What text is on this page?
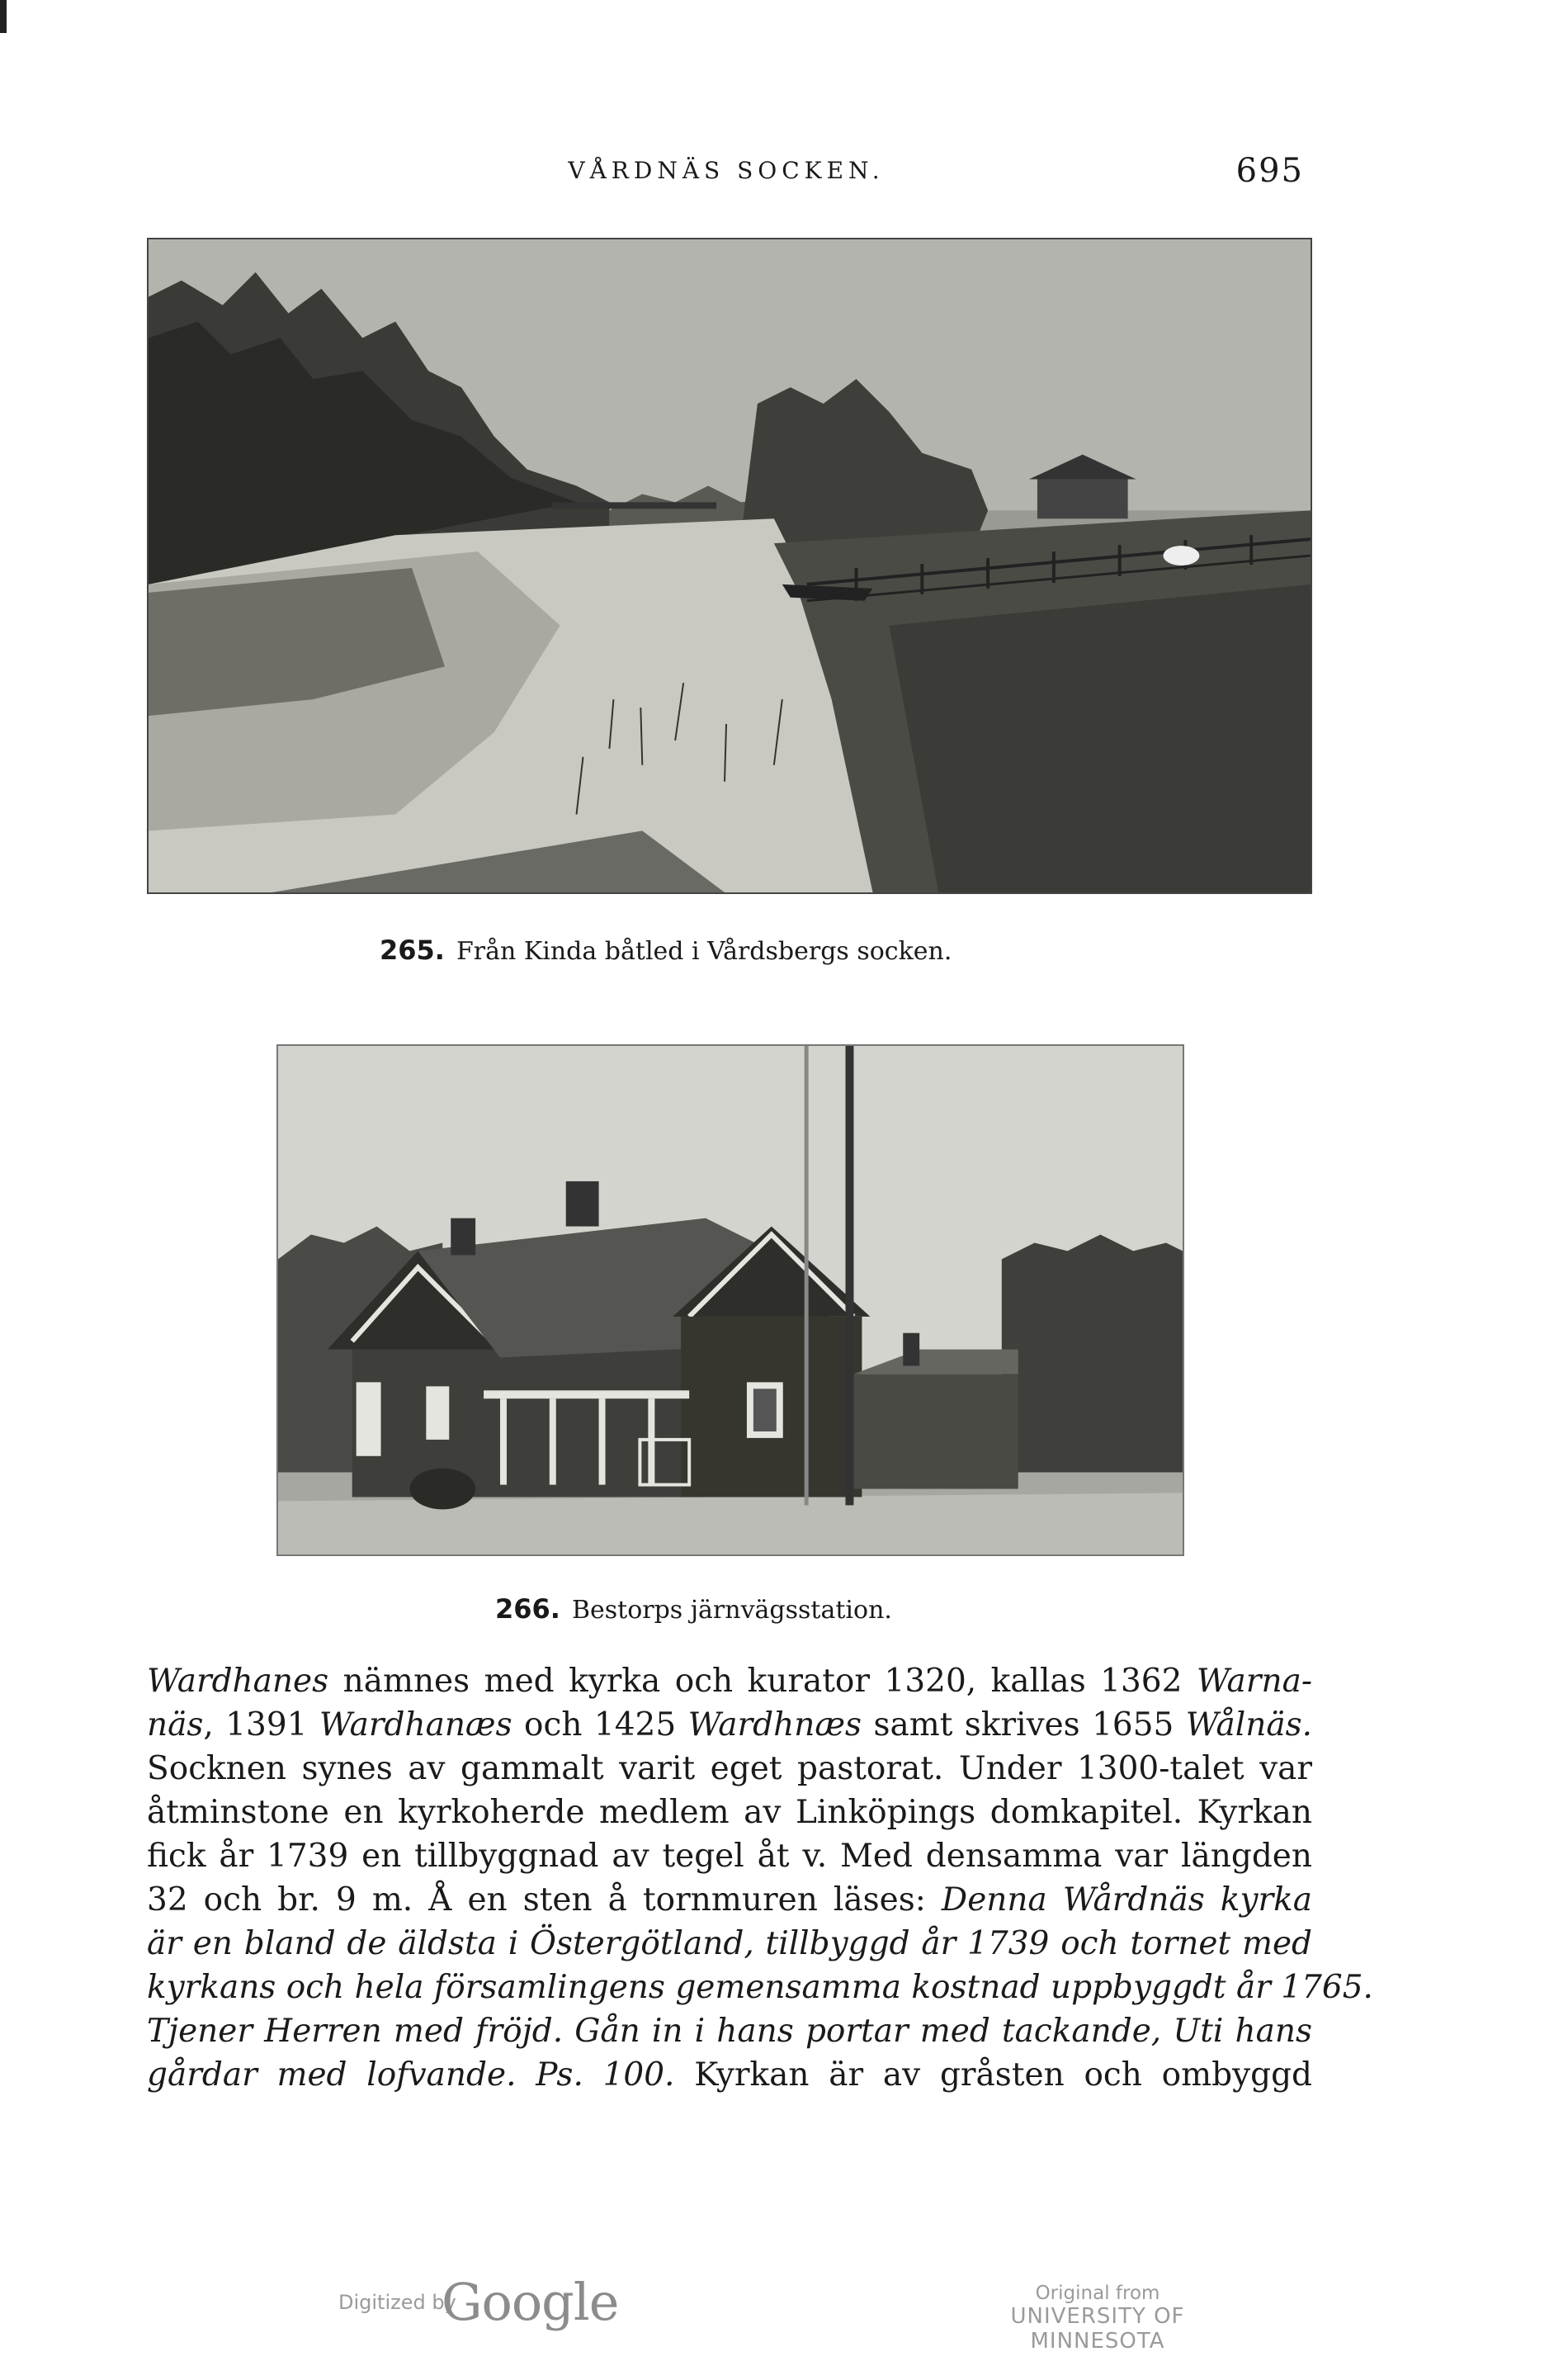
VÅRDNÄS SOCKEN.	695
265. Från Kinda båtled i Vårdsbergs socken.
266. Bestorps järnvägsstation.
Wardhanes nämnes med kyrka och kurator 1320, kallas 1362 Warna-
näs, 1391 Wardhanæs och 1425 Wardhnæs samt skrives 1655 Wålnäs.
Socknen synes av gammalt varit eget pastorat. Under 1300-talet var
åtminstone en kyrkoherde medlem av Linköpings domkapitel. Kyrkan
fick år 1739 en tillbyggnad av tegel åt v. Med densamma var längden
32 och br. 9 m. Å en sten å tornmuren läses: Denna Wårdnäs kyrka
är en bland de äldsta i Östergötland, tillbyggd år 1739 och tornet med
kyrkans och hela församlingens gemensamma kostnad uppbyggdt år 1765.
Tjener Herren med fröjd. Gån in i hans portar med tackande, Uti hans
gårdar med lofvande. Ps. 100. Kyrkan är av gråsten och ombyggd
Digitized by
Google	Original from
UNIVERSITY OF MINNESOTA
